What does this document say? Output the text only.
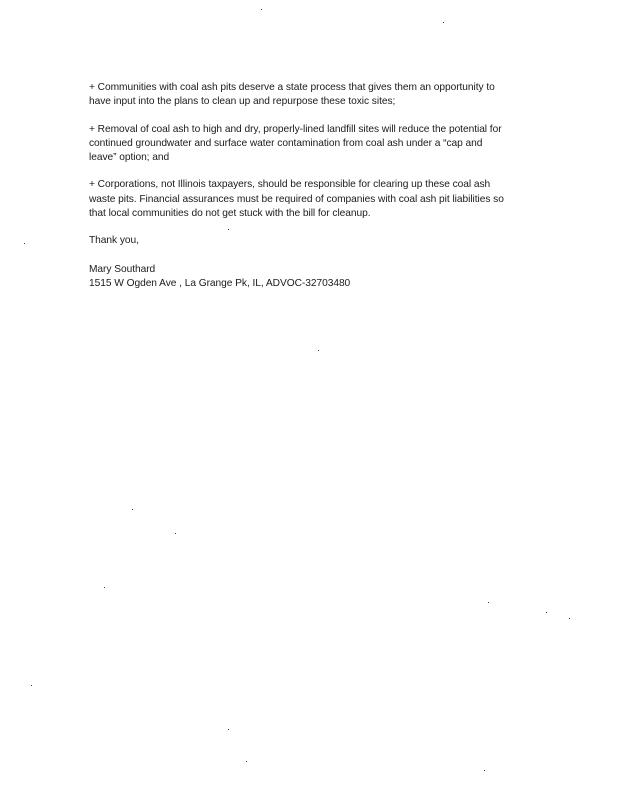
+ Communities with coal ash pits deserve a state process that gives them an opportunity to
have input into the plans to clean up and repurpose these toxic sites;
+ Removal of coal ash to high and dry, properly-lined landfill sites will reduce the potential for
continued groundwater and surface water contamination from coal ash under a “cap and
leave” option; and
+ Corporations, not Illinois taxpayers, should be responsible for clearing up these coal ash
waste pits. Financial assurances must be required of companies with coal ash pit liabilities so
that local communities do not get stuck with the bill for cleanup.
Thank you,
Mary Southard
1515 W Ogden Ave , La Grange Pk, IL, ADVOC-32703480
